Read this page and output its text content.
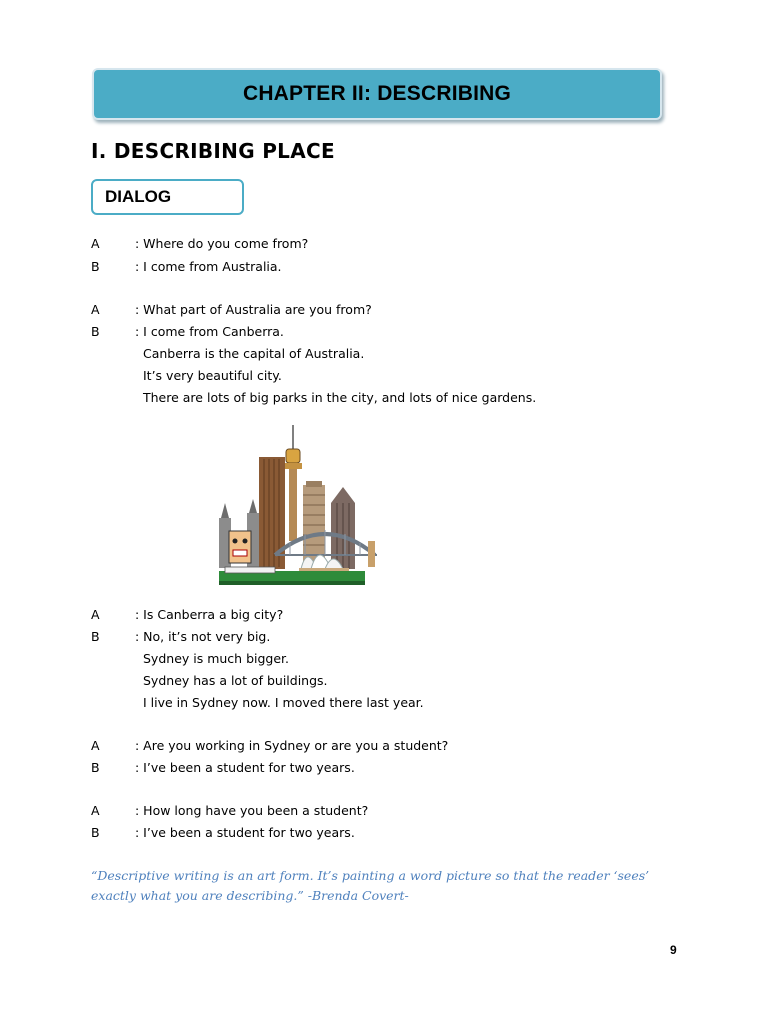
CHAPTER II: DESCRIBING
I. DESCRIBING PLACE
DIALOG
A	: Where do you come from?
B	: I come from Australia.
A	: What part of Australia are you from?
B	: I come from Canberra.
Canberra is the capital of Australia.
It’s very beautiful city.
There are lots of big parks in the city, and lots of nice gardens.
A	: Is Canberra a big city?
B	: No, it’s not very big.
Sydney is much bigger.
Sydney has a lot of buildings.
I live in Sydney now. I moved there last year.
A	: Are you working in Sydney or are you a student?
B	: I’ve been a student for two years.
A	: How long have you been a student?
B	: I’ve been a student for two years.
“Descriptive writing is an art form. It’s painting a word picture so that the reader ‘sees’ exactly what you are describing.” -Brenda Covert-
9
